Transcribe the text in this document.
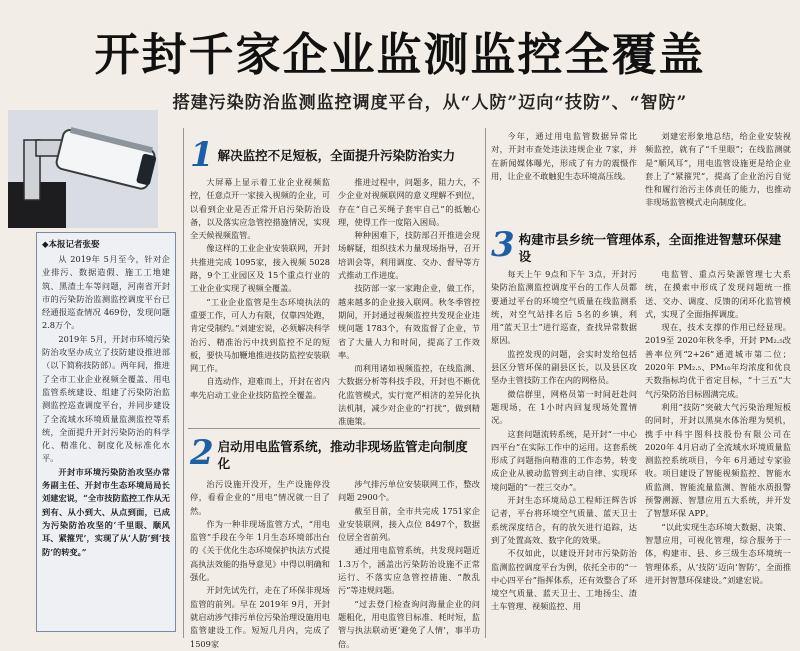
开封千家企业监测监控全覆盖
搭建污染防治监测监控调度平台，从“人防”迈向“技防”、“智防”
◆本报记者张娶

从 2019年 5月至今，针对企业排污、数据造假、施工工地建筑、黑渣土车等问题，河南省开封市的污染防治监测监控调度平台已经通报巡查情况 469份，发现问题 2.8万个。

2019年 5月，开封市环境污染防治攻坚办成立了技防建设推进部（以下简称技防部）。两年间，推进了全市工业企业视频全覆盖、用电监管系统建设、组建了污染防治监测监控巡查调度平台，并同步建设了全流域水环境质量监测监控等系统，全面提升开封污染防治的科学化、精准化、制度化及标准化水平。

开封市环境污染防治攻坚办常务副主任、开封市生态环境局局长刘建宏说，“全市技防监控工作从无到有、从小到大、从点到面，已成为污染防治攻坚的‘千里眼、顺风耳、紧箍咒’，实现了从‘人防’到‘技防’的转变。”

1 解决监控不足短板，全面提升污染防治实力

大屏幕上显示着工业企业视频监控，任意点开一家接入视频的企业，可以看到企业是否正常开启污染防治设备，以及落实应急管控措施情况，实现全天候视频监管。

像这样的工业企业安装联网，开封共推进完成 1095家，接入视频 5028路，9个工业园区及 15个重点行业的工业企业实现了视频全覆盖。

“工业企业监管是生态环境执法的重要工作，可人力有限，仅靠四处跑，肯定受制约。”刘建宏说，必须解决科学治污、精准治污中找到监控不足的短板，要快马加鞭地推进技防监控安装联网工作。

自选动作，迎难而上，开封在省内率先启动工业企业技防监控全覆盖。

推进过程中，问题多，阻力大，不少企业对视频联网的意义理解不到位，存在“自己买绳子套牢自己”的抵触心理，使得工作一度陷入困局。

种种困难下，技防部召开推进会现场解疑，组织技术力量现场指导，召开培训会等，利用调度、交办、督导等方式推动工作进度。

技防部一家一家跑企业，做工作，越来越多的企业接入联网。秋冬季管控期间，开封通过视频监控共发现企业违规问题 1783个，有效监督了企业，节省了大量人力和时间，提高了工作效率。

而利用诸如视频监控，在线监测、大数据分析等科技手段，开封也不断优化监管模式，实行宽严相济的差异化执法机制，减少对企业的“打扰”，做到精准施策。

2 启动用电监管系统，推动非现场监管走向制度化

治污设施开没开，生产设施停没停，看看企业的“用电”情况就一目了然。

作为一种非现场监管方式，“用电监管”手段在今年 1月生态环境部出台的《关于优化生态环境保护执法方式提高执法效能的指导意见》中得以明确和强化。

开封先试先行，走在了环保非现场监管的前列。早在 2019年 9月，开封就启动涉气排污单位污染治理设施用电监管建设工作。短短几月内，完成了 1509家

涉气排污单位安装联网工作，整改问题 2900个。

截至目前，全市共完成 1751家企业安装联网，接入点位 8497个，数据位居全省前列。

通过用电监管系统，共发现问题近 1.3万个，涵盖出污染防治设施不正常运行、不落实应急管控措施、“散乱污”等违规问题。

“过去登门检查询问海量企业的问题粗化，用电监管目标准、耗时短，监管与执法联动更‘避免了人情’，事半功倍。

今年，通过用电监管数据异常比对，开封市查处违法违规企业 7家，并在新闻媒体曝光，形成了有力的震慑作用，让企业不敢触犯生态环境高压线。

刘建宏形象地总结，给企业安装视频监控，就有了“千里眼”；在线监测就是“顺风耳”，用电监管设施更是给企业套上了“紧箍咒”，提高了企业治污自觉性和履行治污主体责任的能力，也推动非现场监管模式走向制度化。

3 构建市县乡统一管理体系，全面推进智慧环保建设

每天上午 9点和下午 3点，开封污染防治监测监控调度平台的工作人员都要通过平台的环境空气质量在线监测系统，对空气站排名后 5名的乡镇，利用“蓝天卫士”进行巡查，查找异常数据原因。

监控发现的问题，会实时发给包括县区分管环保的副县区长，以及县区攻坚办主管技防工作在内的网格员。

微信群里，网格员第一时间赶赴问题现场，在 1小时内回复现场处置情况。

这套问题流转系统，是开封“一中心四平台”在实际工作中的运用。这套系统形成了问题指向精准的工作态势，转变成企业从被动监管到主动自律、实现环境问题的“一茬三交办”。

开封生态环境局总工程师汪辉告诉记者，平台将环境空气质量、蓝天卫士系统深度结合，有的放矢进行追踪，达到了处置高效、数字化的效果。

不仅如此，以建设开封市污染防治监测监控调度平台为例，依托全市的“一中心四平台”指挥体系，还有效整合了环境空气质量、蓝天卫士、工地扬尘、渣土车管理、视频监控、用

电监管、重点污染源管理七大系统，在摸索中形成了发现问题统一推送、交办、调度、反馈的闭环化监管模式，实现了全面指挥调度。

现在，技术支撑的作用已经显现。2019至 2020年秋冬季，开封 PM₂.₅改善率位列“2+26”通道城市第二位；2020年 PM₂.₅、PM₁₀年均浓度和优良天数指标均优于省定目标，“十三五”大气污染防治目标圆满完成。

利用“技防”突破大气污染治理短板的同时，开封以黑臭水体治理为契机，携手中科宇图科技股份有限公司在 2020年 4月启动了全流域水环境质量监测监控系统项目，今年 6月通过专家验收。项目建设了智能视频监控、智能水质监测、智能流量监测、智能水质报警预警溯源、智慧应用五大系统，并开发了智慧环保 APP。

“以此实现生态环境大数据、决策、智慧应用，可视化管理，综合服务于一体，构建市、县、乡三级生态环境统一管理体系，从‘技防’迈向‘智防’，全面推进开封智慧环保建设。”刘建宏说。
